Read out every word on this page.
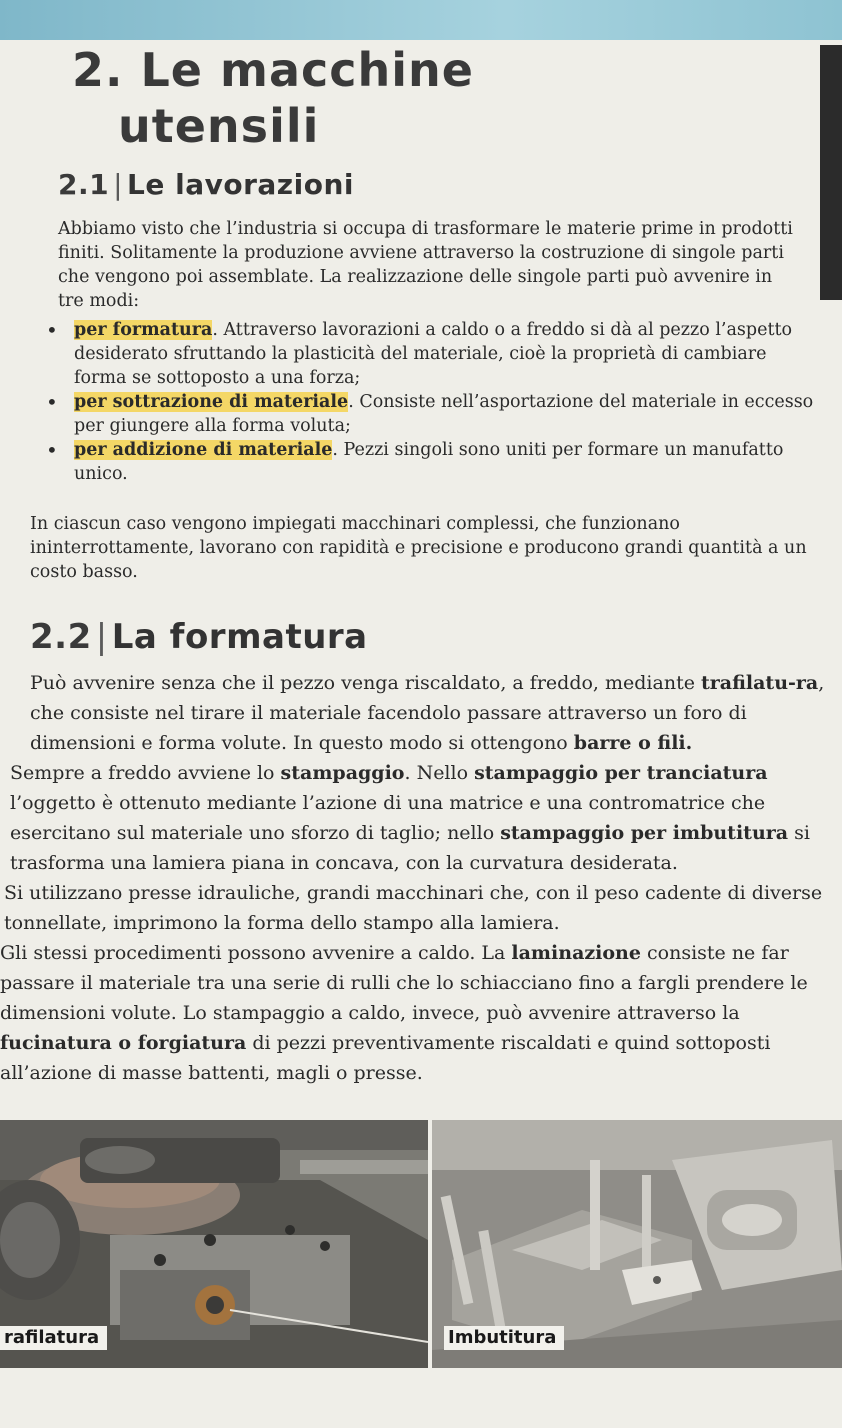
2. Le macchine
utensili
2.1 | Le lavorazioni

Abbiamo visto che l’industria si occupa di trasformare le materie prime in prodotti finiti. Solitamente la produzione avviene attraverso la costruzione di singole parti che vengono poi assemblate. La realizzazione delle singole parti può avvenire in tre modi:

• per formatura. Attraverso lavorazioni a caldo o a freddo si dà al pezzo l’aspetto desiderato sfruttando la plasticità del materiale, cioè la proprietà di cambiare forma se sottoposto a una forza;
• per sottrazione di materiale. Consiste nell’asportazione del materiale in eccesso per giungere alla forma voluta;
• per addizione di materiale. Pezzi singoli sono uniti per formare un manufatto unico.

In ciascun caso vengono impiegati macchinari complessi, che funzionano ininterrottamente, lavorano con rapidità e precisione e producono grandi quantità a un costo basso.

2.2 | La formatura

Può avvenire senza che il pezzo venga riscaldato, a freddo, mediante trafilatu-ra, che consiste nel tirare il materiale facendolo passare attraverso un foro di dimensioni e forma volute. In questo modo si ottengono barre o fili.

Sempre a freddo avviene lo stampaggio. Nello stampaggio per tranciatura l’oggetto è ottenuto mediante l’azione di una matrice e una contromatrice che esercitano sul materiale uno sforzo di taglio; nello stampaggio per imbutitura si trasforma una lamiera piana in concava, con la curvatura desiderata.

Si utilizzano presse idrauliche, grandi macchinari che, con il peso cadente di diverse tonnellate, imprimono la forma dello stampo alla lamiera.

Gli stessi procedimenti possono avvenire a caldo. La laminazione consiste ne far passare il materiale tra una serie di rulli che lo schiacciano fino a fargli prendere le dimensioni volute. Lo stampaggio a caldo, invece, può avvenire attraverso la fucinatura o forgiatura di pezzi preventivamente riscaldati e quind sottoposti all’azione di masse battenti, magli o presse.

rafilatura	Imbutitura
